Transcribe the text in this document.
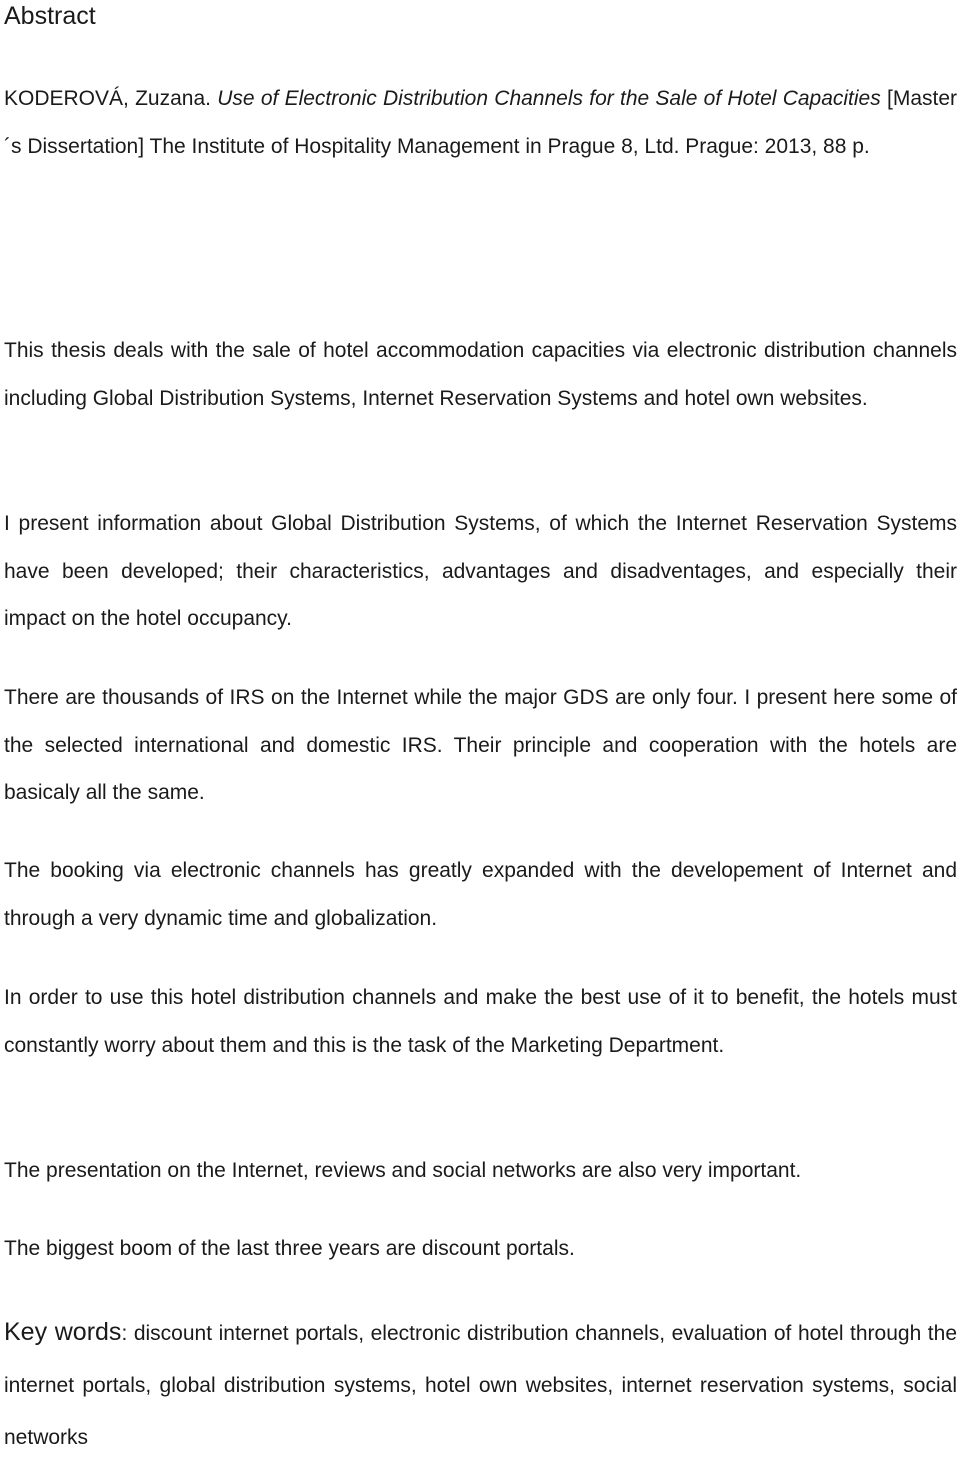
Abstract

KODEROVÁ, Zuzana. Use of Electronic Distribution Channels for the Sale of Hotel Capacities [Master´s Dissertation] The Institute of Hospitality Management in Prague 8, Ltd. Prague: 2013, 88 p.

This thesis deals with the sale of hotel accommodation capacities via electronic distribution channels including Global Distribution Systems, Internet Reservation Systems and hotel own websites.

I present information about Global Distribution Systems, of which the Internet Reservation Systems have been developed; their characteristics, advantages and disadventages, and especially their impact on the hotel occupancy.

There are thousands of IRS on the Internet while the major GDS are only four. I present here some of the selected international and domestic IRS. Their principle and cooperation with the hotels are basicaly all the same.

The booking via electronic channels has greatly expanded with the developement of Internet and through a very dynamic time and globalization.

In order to use this hotel distribution channels and make the best use of it to benefit, the hotels must constantly worry about them and this is the task of the Marketing Department.

The presentation on the Internet, reviews and social networks are also very important.

The biggest boom of the last three years are discount portals.

Key words: discount internet portals, electronic distribution channels, evaluation of hotel through the internet portals, global distribution systems, hotel own websites, internet reservation systems, social networks
